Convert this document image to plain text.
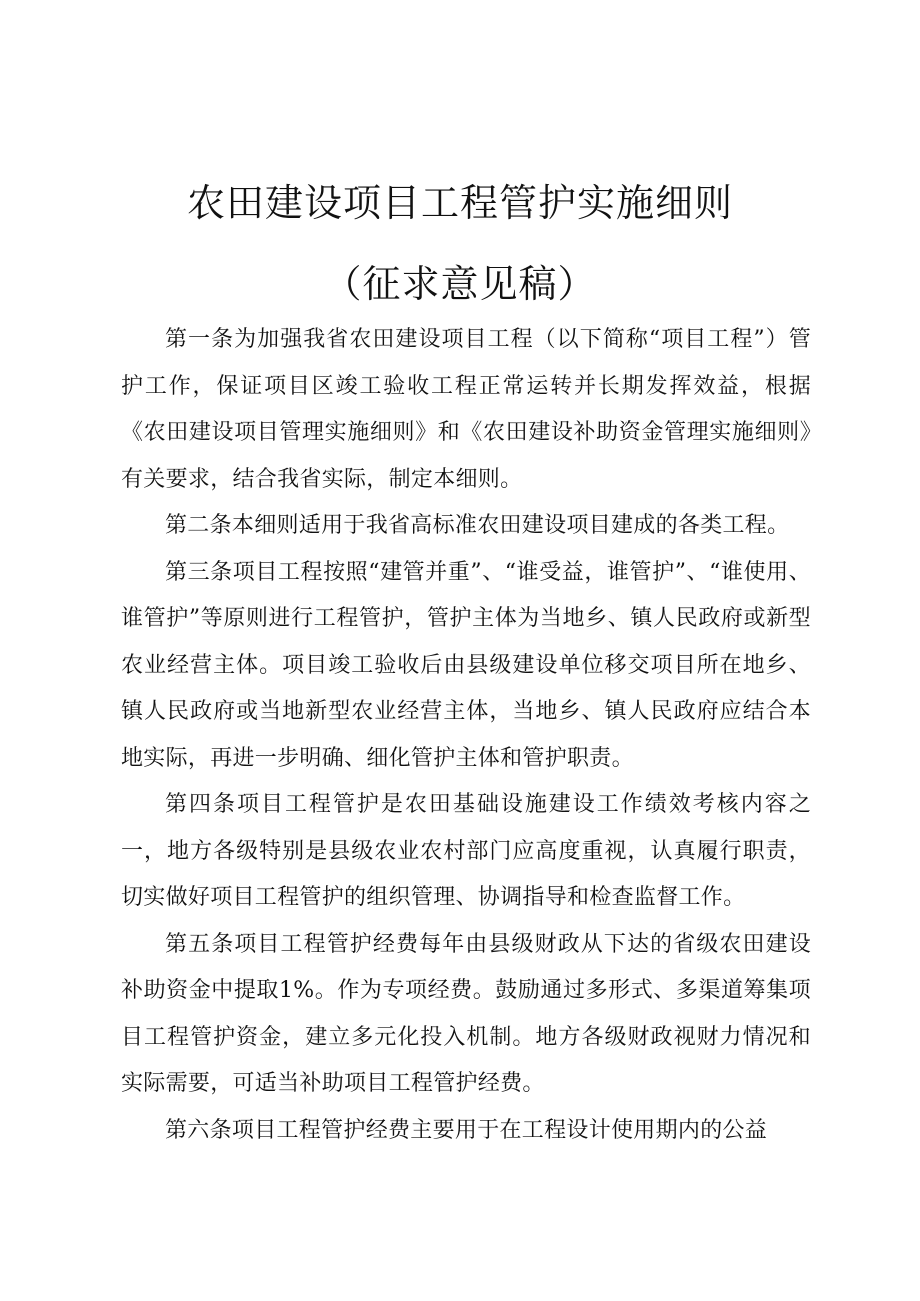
农田建设项目工程管护实施细则
（征求意见稿）

第一条为加强我省农田建设项目工程（以下简称“项目工程”）管护工作，保证项目区竣工验收工程正常运转并长期发挥效益，根据《农田建设项目管理实施细则》和《农田建设补助资金管理实施细则》有关要求，结合我省实际，制定本细则。

第二条本细则适用于我省高标准农田建设项目建成的各类工程。

第三条项目工程按照“建管并重”、“谁受益，谁管护”、“谁使用、谁管护”等原则进行工程管护，管护主体为当地乡、镇人民政府或新型农业经营主体。项目竣工验收后由县级建设单位移交项目所在地乡、镇人民政府或当地新型农业经营主体，当地乡、镇人民政府应结合本地实际，再进一步明确、细化管护主体和管护职责。

第四条项目工程管护是农田基础设施建设工作绩效考核内容之一，地方各级特别是县级农业农村部门应高度重视，认真履行职责，切实做好项目工程管护的组织管理、协调指导和检查监督工作。

第五条项目工程管护经费每年由县级财政从下达的省级农田建设补助资金中提取1%。作为专项经费。鼓励通过多形式、多渠道筹集项目工程管护资金，建立多元化投入机制。地方各级财政视财力情况和实际需要，可适当补助项目工程管护经费。

第六条项目工程管护经费主要用于在工程设计使用期内的公益
